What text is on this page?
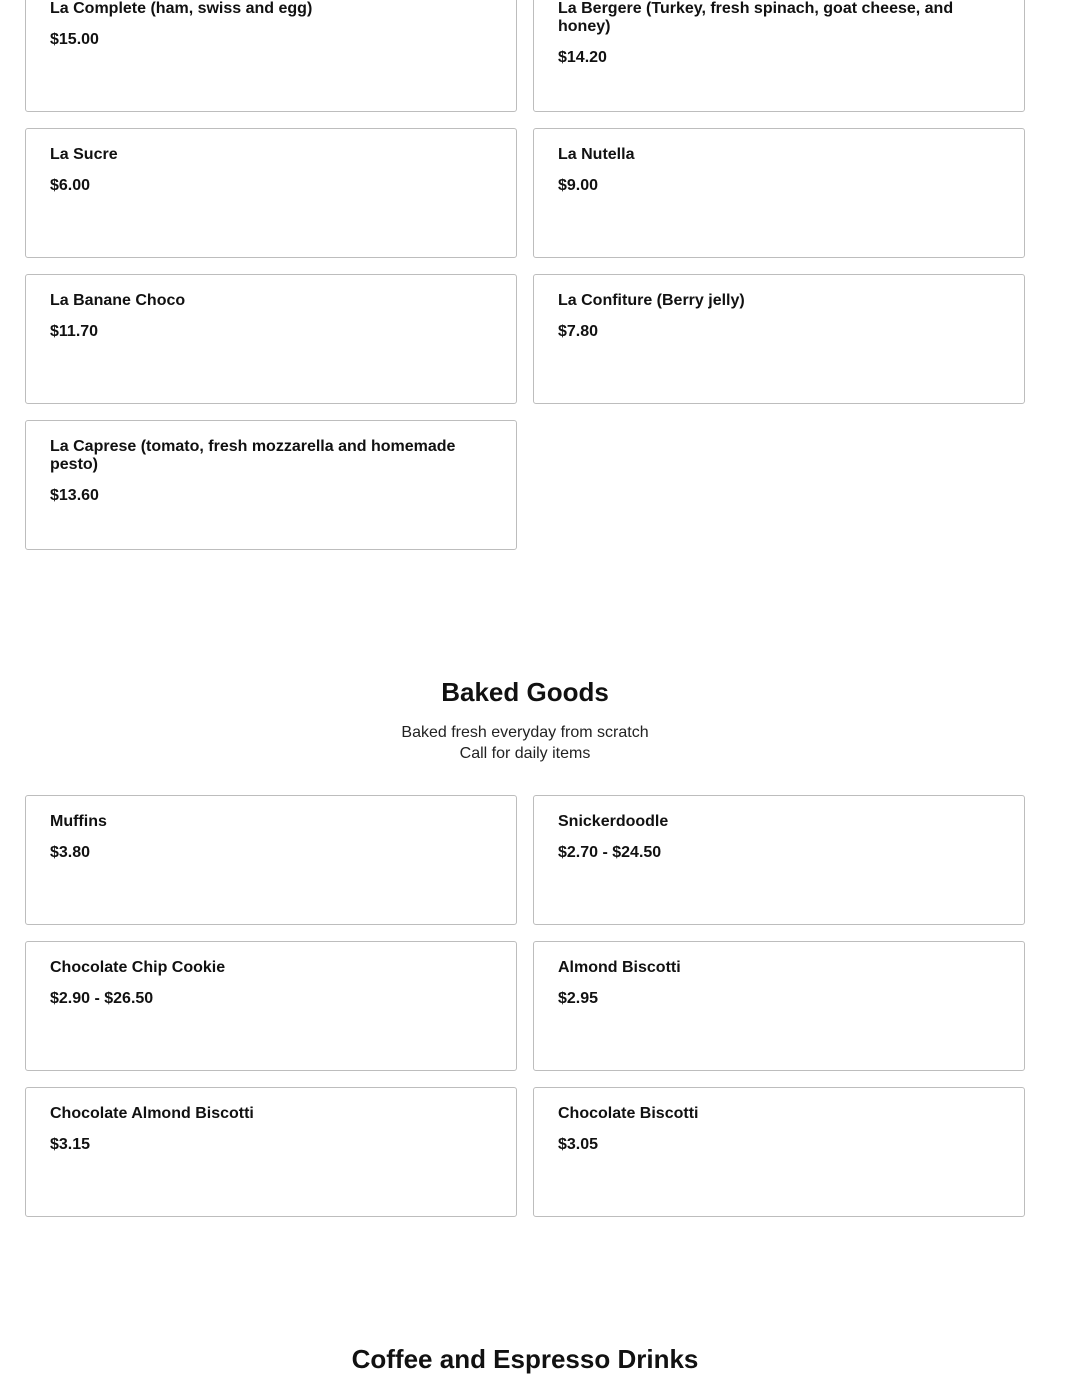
La Complete (ham, swiss and egg)
$15.00
La Bergere (Turkey, fresh spinach, goat cheese, and honey)
$14.20
La Sucre
$6.00
La Nutella
$9.00
La Banane Choco
$11.70
La Confiture (Berry jelly)
$7.80
La Caprese (tomato, fresh mozzarella and homemade pesto)
$13.60
Baked Goods
Baked fresh everyday from scratch
Call for daily items
Muffins
$3.80
Snickerdoodle
$2.70 - $24.50
Chocolate Chip Cookie
$2.90 - $26.50
Almond Biscotti
$2.95
Chocolate Almond Biscotti
$3.15
Chocolate Biscotti
$3.05
Coffee and Espresso Drinks
